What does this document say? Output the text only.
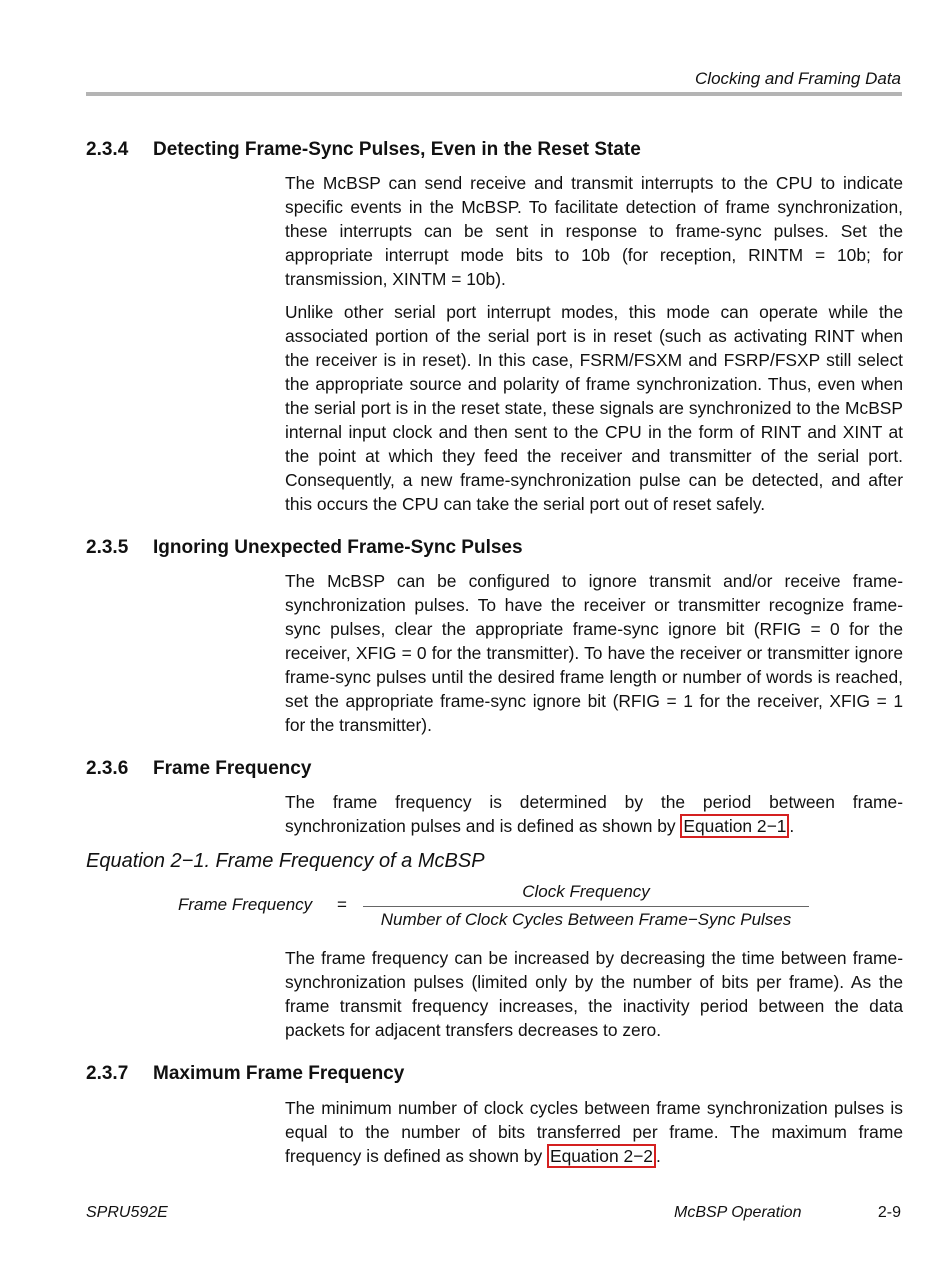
Clocking and Framing Data
2.3.4 Detecting Frame-Sync Pulses, Even in the Reset State

The McBSP can send receive and transmit interrupts to the CPU to indicate specific events in the McBSP. To facilitate detection of frame synchronization, these interrupts can be sent in response to frame-sync pulses. Set the appropriate interrupt mode bits to 10b (for reception, RINTM = 10b; for transmission, XINTM = 10b).

Unlike other serial port interrupt modes, this mode can operate while the associated portion of the serial port is in reset (such as activating RINT when the receiver is in reset). In this case, FSRM/FSXM and FSRP/FSXP still select the appropriate source and polarity of frame synchronization. Thus, even when the serial port is in the reset state, these signals are synchronized to the McBSP internal input clock and then sent to the CPU in the form of RINT and XINT at the point at which they feed the receiver and transmitter of the serial port. Consequently, a new frame-synchronization pulse can be detected, and after this occurs the CPU can take the serial port out of reset safely.

2.3.5 Ignoring Unexpected Frame-Sync Pulses

The McBSP can be configured to ignore transmit and/or receive frame-synchronization pulses. To have the receiver or transmitter recognize frame-sync pulses, clear the appropriate frame-sync ignore bit (RFIG = 0 for the receiver, XFIG = 0 for the transmitter). To have the receiver or transmitter ignore frame-sync pulses until the desired frame length or number of words is reached, set the appropriate frame-sync ignore bit (RFIG = 1 for the receiver, XFIG = 1 for the transmitter).

2.3.6 Frame Frequency

The frame frequency is determined by the period between frame-synchronization pulses and is defined as shown by Equation 2−1 .

Equation 2−1. Frame Frequency of a McBSP
Frame Frequency =
Clock Frequency
Number of Clock Cycles Between Frame−Sync Pulses

The frame frequency can be increased by decreasing the time between frame-synchronization pulses (limited only by the number of bits per frame). As the frame transmit frequency increases, the inactivity period between the data packets for adjacent transfers decreases to zero.

2.3.7 Maximum Frame Frequency

The minimum number of clock cycles between frame synchronization pulses is equal to the number of bits transferred per frame. The maximum frame frequency is defined as shown by Equation 2−2 .

SPRU592E	McBSP Operation	2-9
